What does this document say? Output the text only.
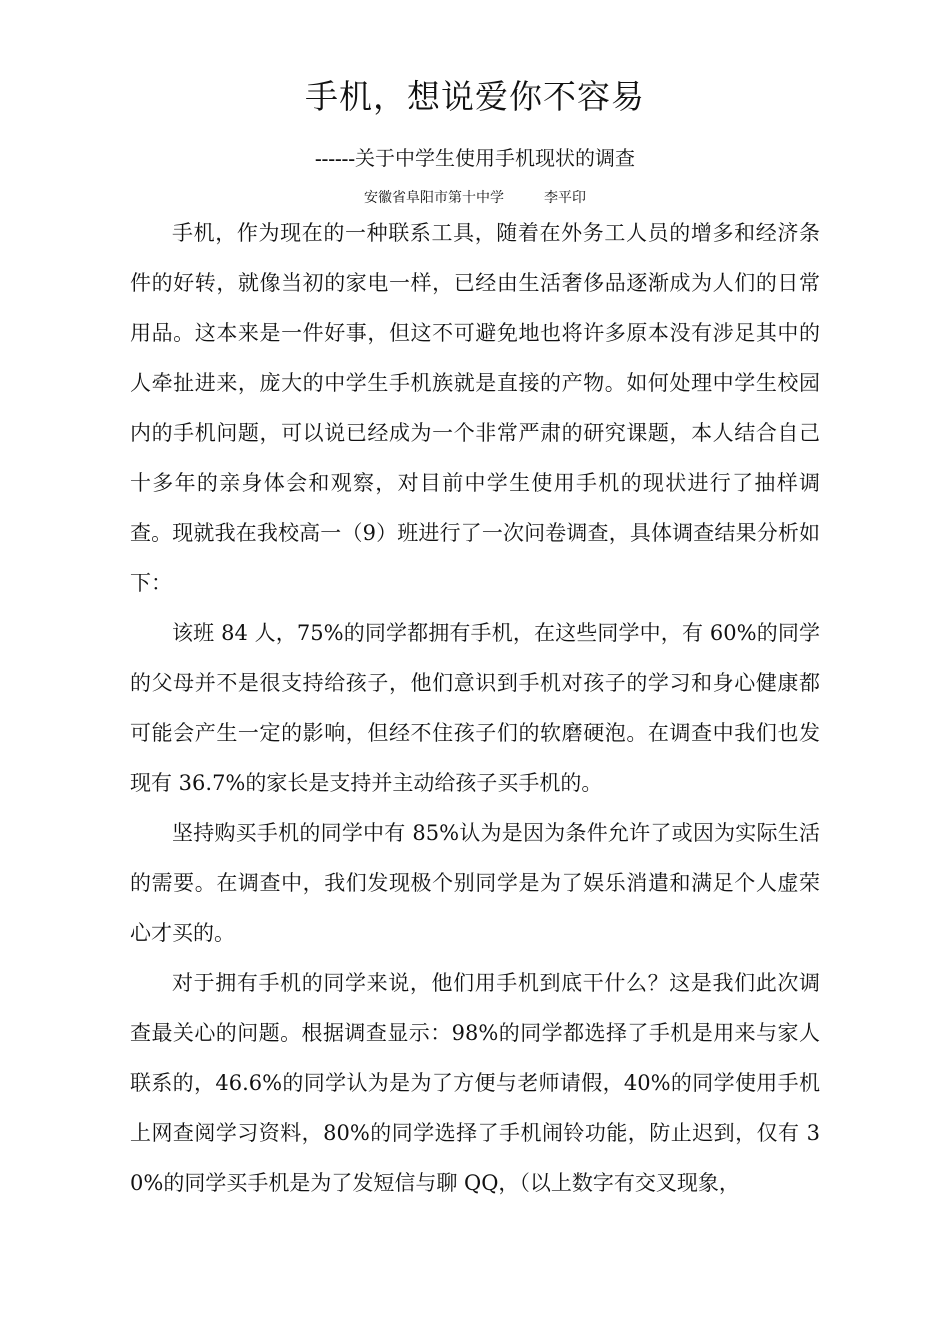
手机，想说爱你不容易

------关于中学生使用手机现状的调查

安徽省阜阳市第十中学	李平印

手机，作为现在的一种联系工具，随着在外务工人员的增多和经济条件的好转，就像当初的家电一样，已经由生活奢侈品逐渐成为人们的日常用品。这本来是一件好事，但这不可避免地也将许多原本没有涉足其中的人牵扯进来，庞大的中学生手机族就是直接的产物。如何处理中学生校园内的手机问题，可以说已经成为一个非常严肃的研究课题，本人结合自己十多年的亲身体会和观察，对目前中学生使用手机的现状进行了抽样调查。现就我在我校高一（9）班进行了一次问卷调查，具体调查结果分析如下：

该班 84 人，75%的同学都拥有手机，在这些同学中，有 60%的同学的父母并不是很支持给孩子，他们意识到手机对孩子的学习和身心健康都可能会产生一定的影响，但经不住孩子们的软磨硬泡。在调查中我们也发现有 36.7%的家长是支持并主动给孩子买手机的。

坚持购买手机的同学中有 85%认为是因为条件允许了或因为实际生活的需要。在调查中，我们发现极个别同学是为了娱乐消遣和满足个人虚荣心才买的。

对于拥有手机的同学来说，他们用手机到底干什么？这是我们此次调查最关心的问题。根据调查显示：98%的同学都选择了手机是用来与家人联系的，46.6%的同学认为是为了方便与老师请假，40%的同学使用手机上网查阅学习资料，80%的同学选择了手机闹铃功能，防止迟到，仅有 30%的同学买手机是为了发短信与聊 QQ，（以上数字有交叉现象，
